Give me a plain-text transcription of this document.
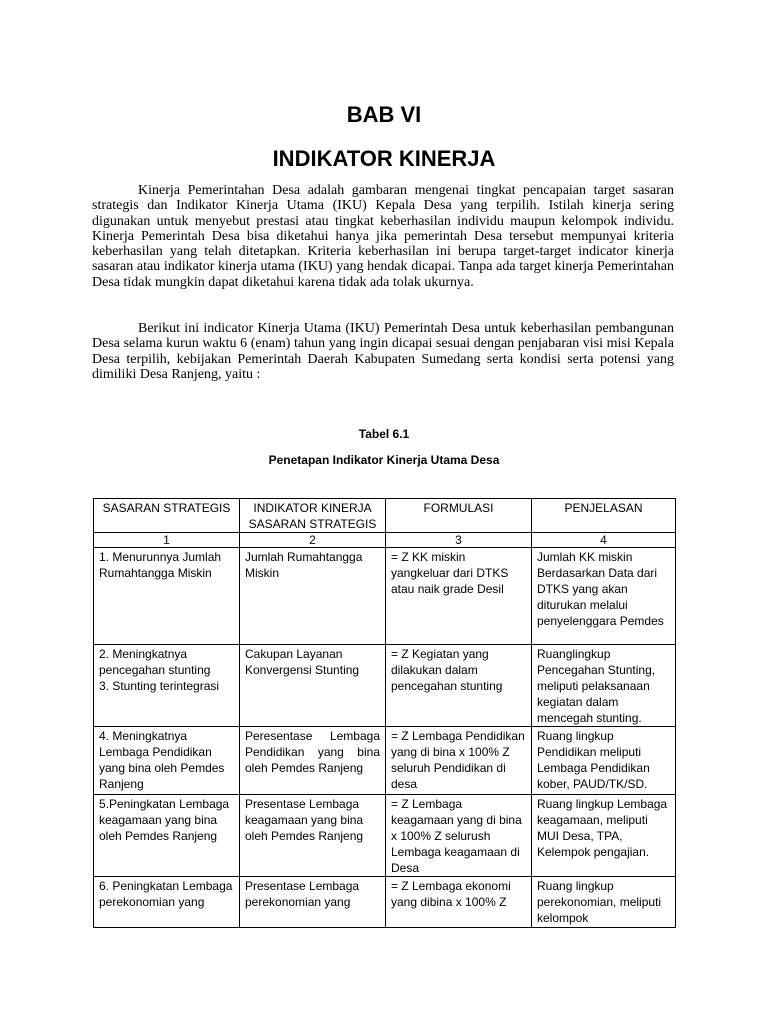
BAB VI
INDIKATOR KINERJA

Kinerja Pemerintahan Desa adalah gambaran mengenai tingkat pencapaian target sasaran strategis dan Indikator Kinerja Utama (IKU) Kepala Desa yang terpilih. Istilah kinerja sering digunakan untuk menyebut prestasi atau tingkat keberhasilan individu maupun kelompok individu. Kinerja Pemerintah Desa bisa diketahui hanya jika pemerintah Desa tersebut mempunyai kriteria keberhasilan yang telah ditetapkan. Kriteria keberhasilan ini berupa target-target indicator kinerja sasaran atau indikator kinerja utama (IKU) yang hendak dicapai. Tanpa ada target kinerja Pemerintahan Desa tidak mungkin dapat diketahui karena tidak ada tolak ukurnya.

Berikut ini indicator Kinerja Utama (IKU) Pemerintah Desa untuk keberhasilan pembangunan Desa selama kurun waktu 6 (enam) tahun yang ingin dicapai sesuai dengan penjabaran visi misi Kepala Desa terpilih, kebijakan Pemerintah Daerah Kabupaten Sumedang serta kondisi serta potensi yang dimiliki Desa Ranjeng, yaitu :

Tabel 6.1
Penetapan Indikator Kinerja Utama Desa
SASARAN STRATEGIS	INDIKATOR KINERJA SASARAN STRATEGIS	FORMULASI	PENJELASAN
1	2	3	4
1. Menurunnya Jumlah Rumahtangga Miskin	Jumlah Rumahtangga Miskin	= Z KK miskin yangkeluar dari DTKS atau naik grade Desil	Jumlah KK miskin Berdasarkan Data dari DTKS yang akan diturukan melalui penyelenggara Pemdes
2. Meningkatnya pencegahan stunting
3. Stunting terintegrasi	Cakupan Layanan Konvergensi Stunting	= Z Kegiatan yang dilakukan dalam pencegahan stunting	Ruanglingkup Pencegahan Stunting, meliputi pelaksanaan kegiatan dalam mencegah stunting.
4. Meningkatnya Lembaga Pendidikan yang bina oleh Pemdes Ranjeng	Peresentase Lembaga Pendidikan yang bina oleh Pemdes Ranjeng	= Z Lembaga Pendidikan yang di bina x 100% Z seluruh Pendidikan di desa	Ruang lingkup Pendidikan meliputi Lembaga Pendidikan kober, PAUD/TK/SD.
5.Peningkatan Lembaga keagamaan yang bina oleh Pemdes Ranjeng	Presentase Lembaga keagamaan yang bina oleh Pemdes Ranjeng	= Z Lembaga keagamaan yang di bina x 100% Z selurush Lembaga keagamaan di Desa	Ruang lingkup Lembaga keagamaan, meliputi MUI Desa, TPA, Kelempok pengajian.
6. Peningkatan Lembaga perekonomian yang	Presentase Lembaga perekonomian yang	= Z Lembaga ekonomi yang dibina x 100% Z	Ruang lingkup perekonomian, meliputi kelompok
